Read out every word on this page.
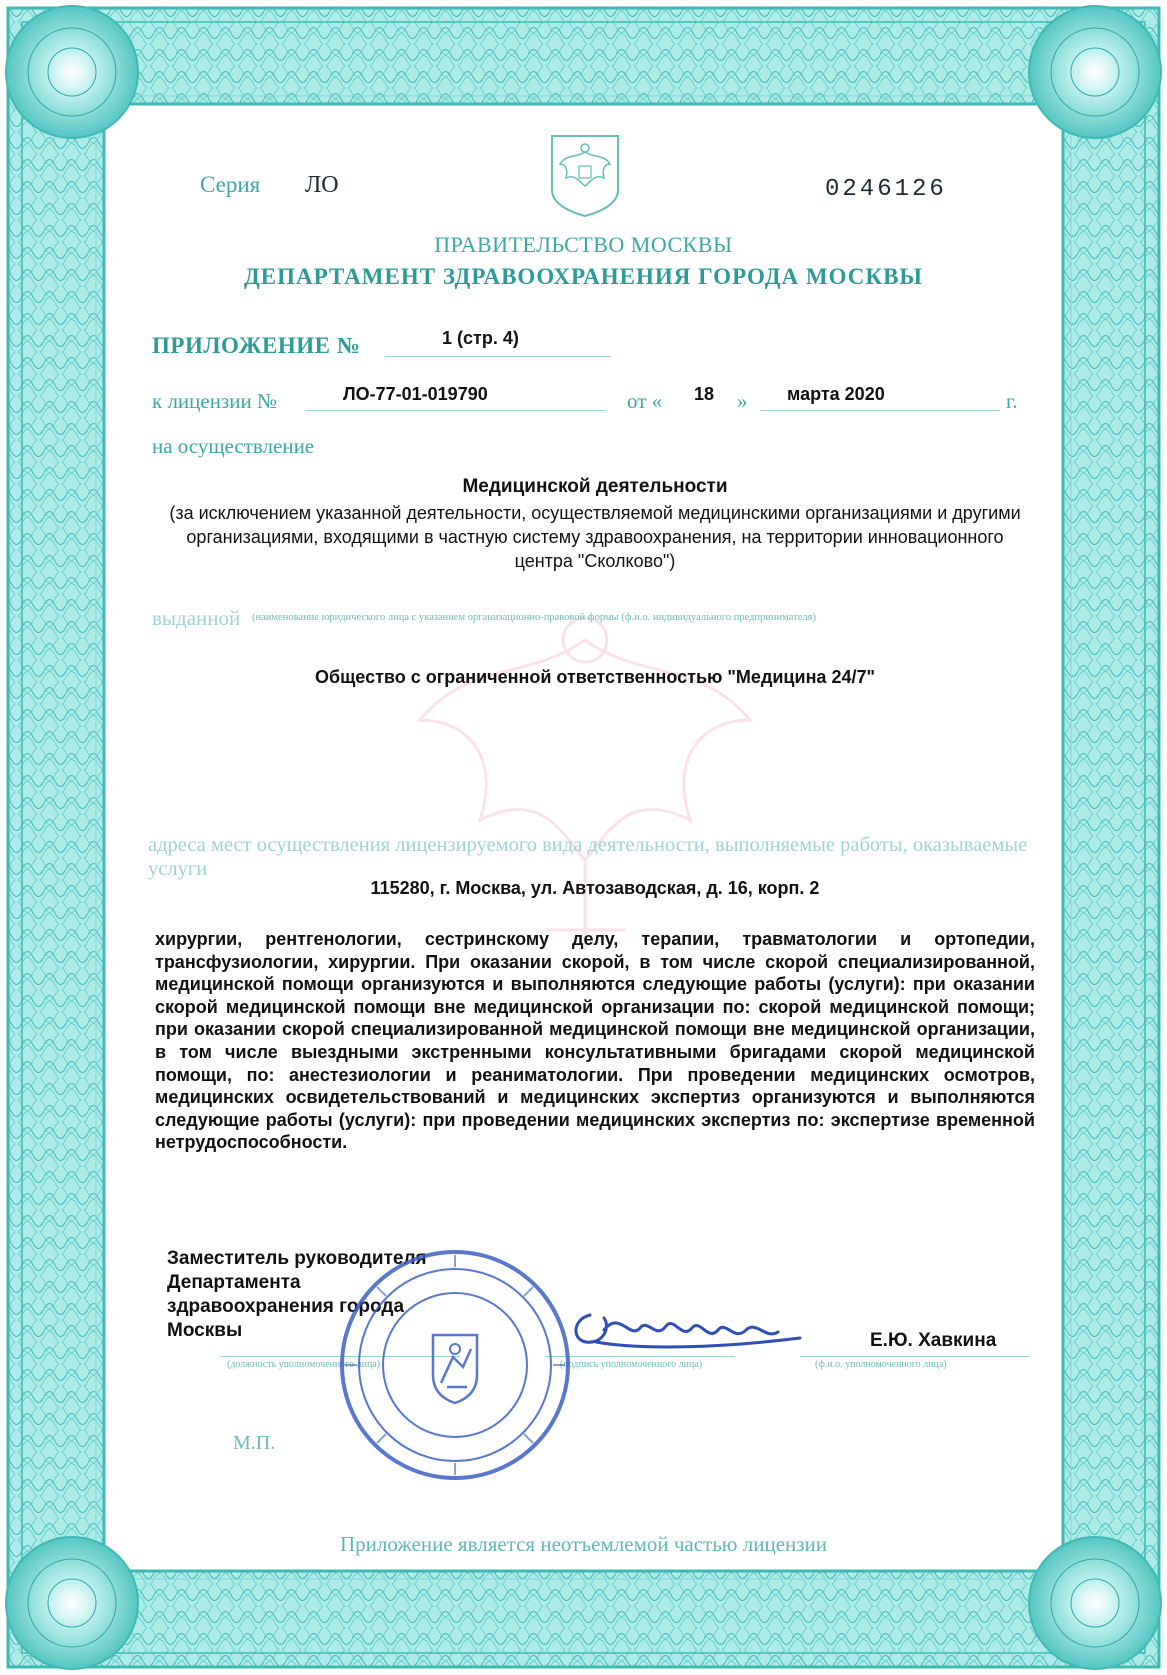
Серия ЛО	0246126
ПРАВИТЕЛЬСТВО МОСКВЫ
ДЕПАРТАМЕНТ ЗДРАВООХРАНЕНИЯ ГОРОДА МОСКВЫ
ПРИЛОЖЕНИЕ №	1 (стр. 4)
к лицензии №	ЛО-77-01-019790	от « 18 » марта 2020	г.
на осуществление
Медицинской деятельности
(за исключением указанной деятельности, осуществляемой медицинскими организациями и другими организациями, входящими в частную систему здравоохранения, на территории инновационного центра "Сколково")
выданной (наименование юридического лица с указанием организационно-правовой формы (ф.и.о. индивидуального предпринимателя)
Общество с ограниченной ответственностью "Медицина 24/7"
адреса мест осуществления лицензируемого вида деятельности, выполняемые работы, оказываемые услуги
115280, г. Москва, ул. Автозаводская, д. 16, корп. 2
хирургии, рентгенологии, сестринскому делу, терапии, травматологии и ортопедии, трансфузиологии, хирургии. При оказании скорой, в том числе скорой специализированной, медицинской помощи организуются и выполняются следующие работы (услуги): при оказании скорой медицинской помощи вне медицинской организации по: скорой медицинской помощи; при оказании скорой специализированной медицинской помощи вне медицинской организации, в том числе выездными экстренными консультативными бригадами скорой медицинской помощи, по: анестезиологии и реаниматологии. При проведении медицинских осмотров, медицинских освидетельствований и медицинских экспертиз организуются и выполняются следующие работы (услуги): при проведении медицинских экспертиз по: экспертизе временной нетрудоспособности.
Заместитель руководителя
Департамента
здравоохранения города
Москвы	Е.Ю. Хавкина
(должность уполномоченного лица)	(подпись уполномоченного лица)	(ф.и.о. уполномоченного лица)
М.П.
Приложение является неотъемлемой частью лицензии
